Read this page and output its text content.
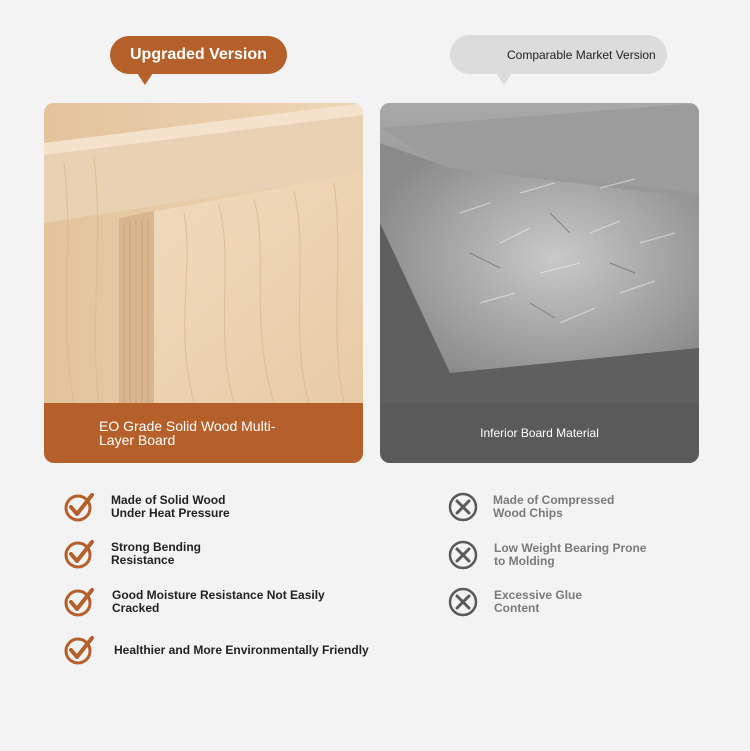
Upgraded Version	Comparable Market Version
EO Grade Solid Wood Multi-Layer Board	Inferior Board Material
Made of Solid Wood Under Heat Pressure
Strong Bending Resistance
Good Moisture Resistance Not Easily Cracked
Healthier and More Environmentally Friendly
Made of Compressed Wood Chips
Low Weight Bearing Prone to Molding
Excessive Glue Content
